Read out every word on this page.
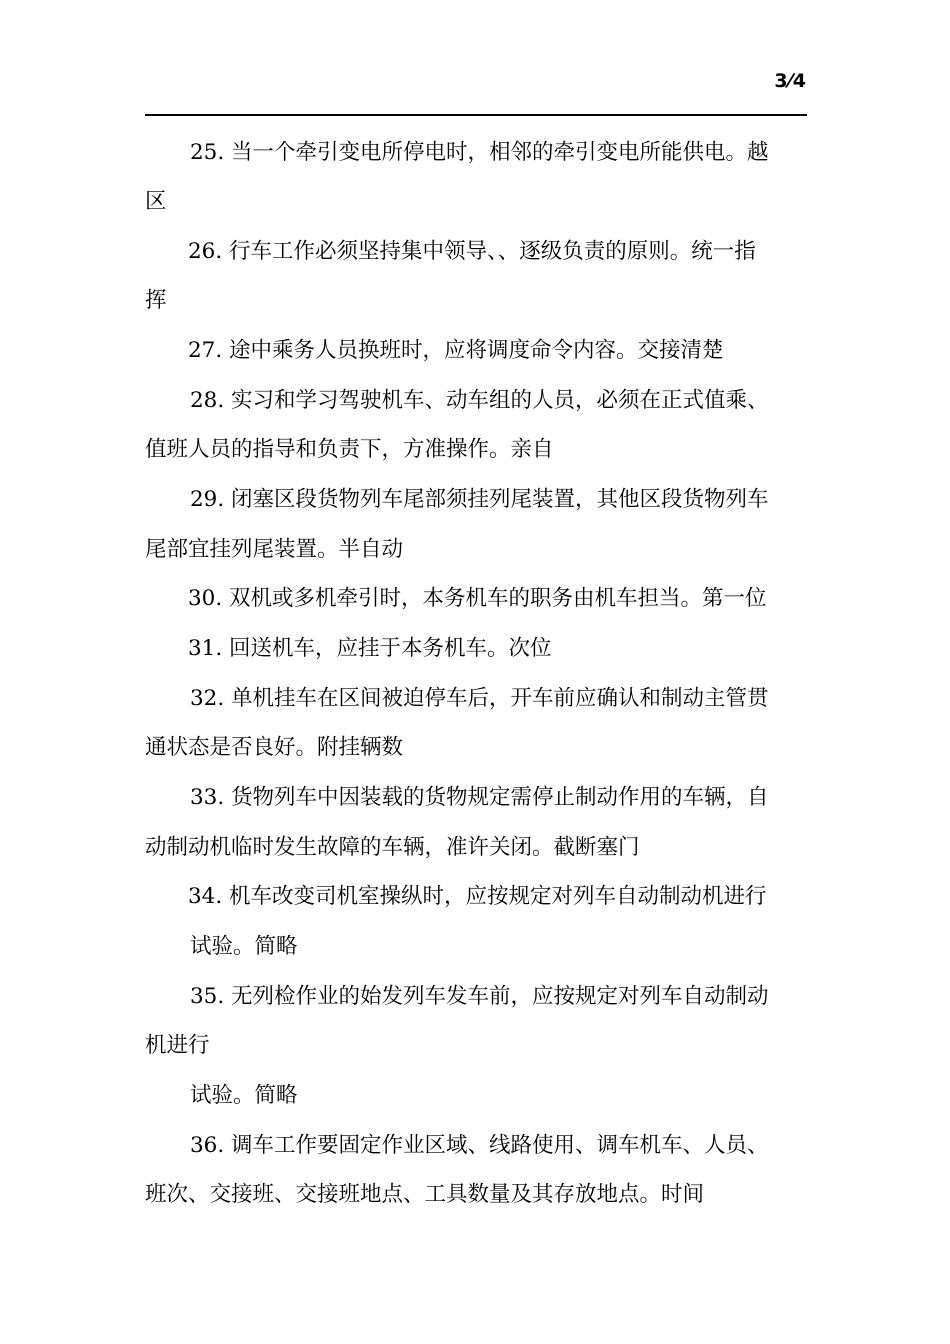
3⁄4
25. 当一个牵引变电所停电时，相邻的牵引变电所能供电。越
区
26. 行车工作必须坚持集中领导、、逐级负责的原则。统一指
挥
27. 途中乘务人员换班时，应将调度命令内容。交接清楚
28. 实习和学习驾驶机车、动车组的人员，必须在正式值乘、
值班人员的指导和负责下，方准操作。亲自
29. 闭塞区段货物列车尾部须挂列尾装置，其他区段货物列车
尾部宜挂列尾装置。半自动
30. 双机或多机牵引时，本务机车的职务由机车担当。第一位
31. 回送机车，应挂于本务机车。次位
32. 单机挂车在区间被迫停车后，开车前应确认和制动主管贯
通状态是否良好。附挂辆数
33. 货物列车中因装载的货物规定需停止制动作用的车辆，自
动制动机临时发生故障的车辆，准许关闭。截断塞门
34. 机车改变司机室操纵时，应按规定对列车自动制动机进行
试验。简略
35. 无列检作业的始发列车发车前，应按规定对列车自动制动
机进行
试验。简略
36. 调车工作要固定作业区域、线路使用、调车机车、人员、
班次、交接班、交接班地点、工具数量及其存放地点。时间
